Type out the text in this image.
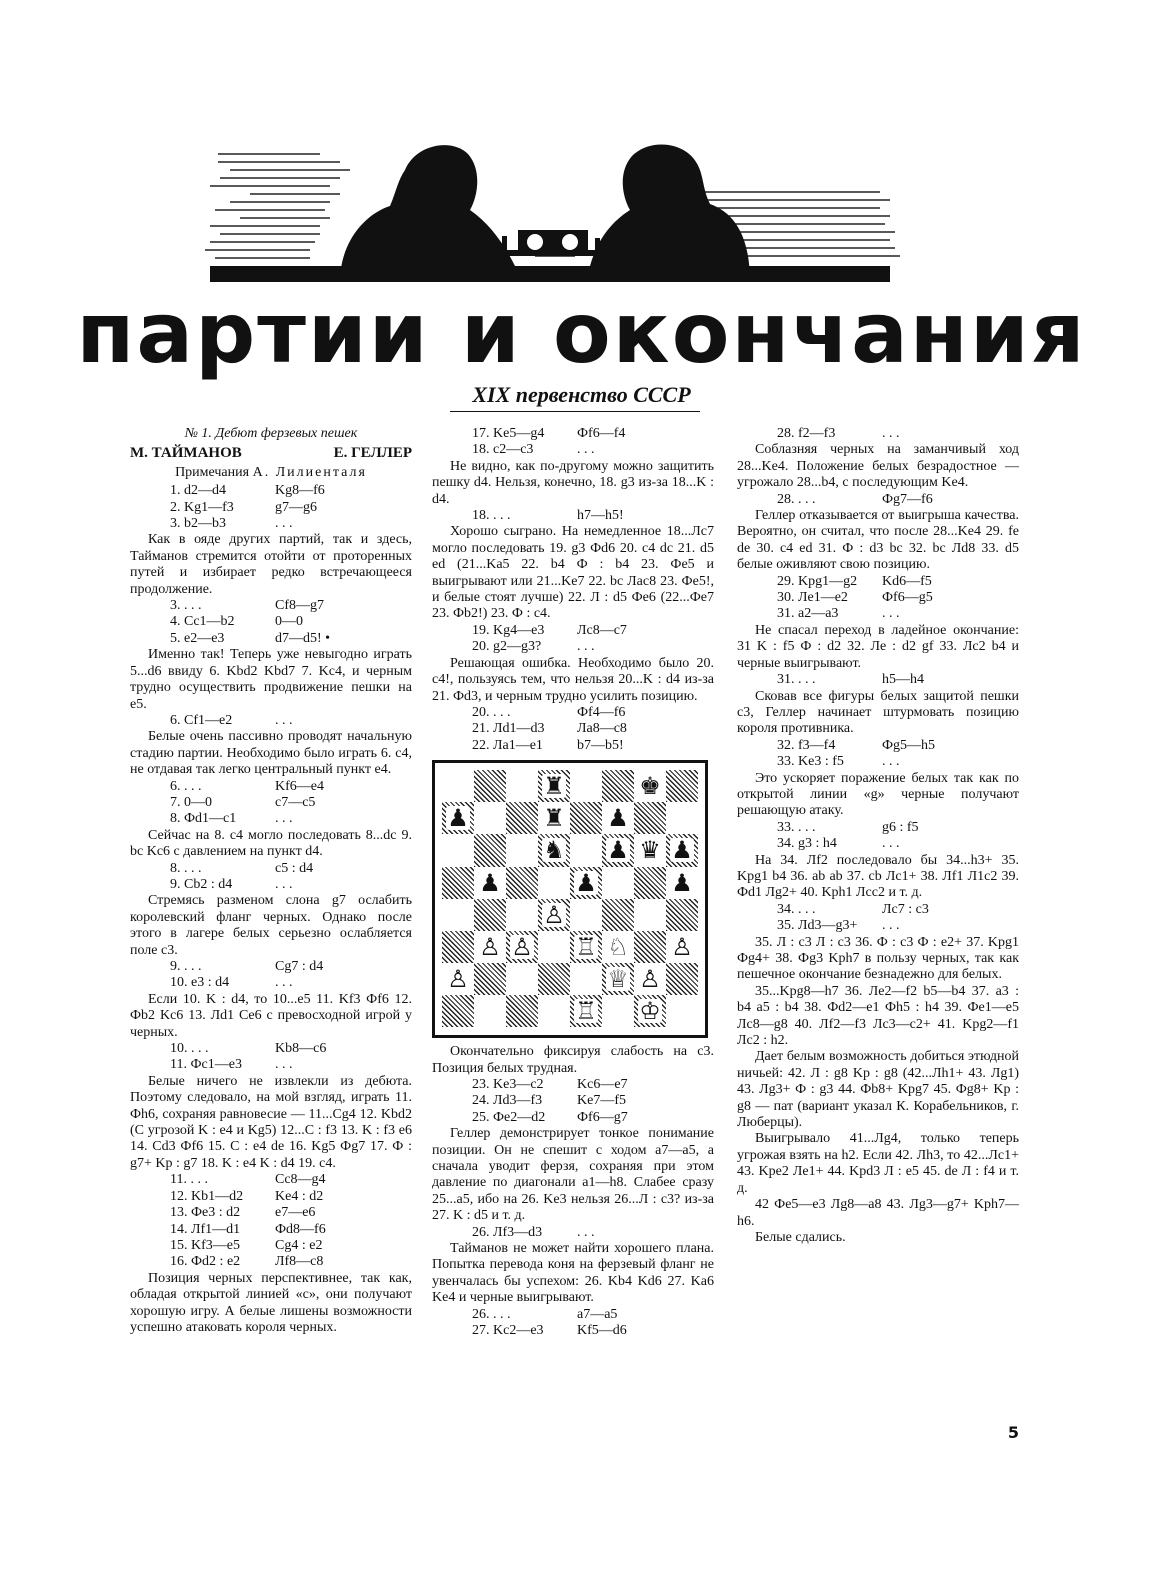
партии и окончания
XIX первенство СССР
№ 1. Дебют ферзевых пешек
М. ТАЙМАНОВ	Е. ГЕЛЛЕР
Примечания А. Лилиенталя
1. d2—d4	Kg8—f6
2. Kg1—f3	g7—g6
3. b2—b3	. . .

Как в ояде других партий, так и здесь, Тайманов стремится отойти от проторенных путей и избирает редко встречающееся продолжение.

3. . . .	Cf8—g7
4. Cc1—b2	0—0
5. e2—e3	d7—d5! •

Именно так! Теперь уже невыгодно играть 5...d6 ввиду 6. Kbd2 Kbd7 7. Kc4, и черным трудно осуществить продвижение пешки на e5.

6. Cf1—e2	. . .

Белые очень пассивно проводят начальную стадию партии. Необходимо было играть 6. c4, не отдавая так легко центральный пункт e4.

6. . . .	Kf6—e4
7. 0—0	c7—c5
8. Фd1—c1	. . .

Сейчас на 8. c4 могло последовать 8...dc 9. bc Kc6 с давлением на пункт d4.

8. . . .	c5 : d4
9. Cb2 : d4	. . .

Стремясь разменом слона g7 ослабить королевский фланг черных. Однако после этого в лагере белых серьезно ослабляется поле c3.

9. . . .	Cg7 : d4
10. e3 : d4	. . .

Если 10. K : d4, то 10...e5 11. Kf3 Фf6 12. Фb2 Kc6 13. Лd1 Ce6 с превосходной игрой у черных.

10. . . .	Kb8—c6
11. Фc1—e3	. . .

Белые ничего не извлекли из дебюта. Поэтому следовало, на мой взгляд, играть 11. Фh6, сохраняя равновесие — 11...Cg4 12. Kbd2 (С угрозой K : e4 и Kg5) 12...C : f3 13. K : f3 e6 14. Cd3 Фf6 15. C : e4 de 16. Kg5 Фg7 17. Ф : g7+ Kp : g7 18. K : e4 K : d4 19. c4.

11. . . .	Cc8—g4
12. Kb1—d2	Ke4 : d2
13. Фe3 : d2	e7—e6
14. Лf1—d1	Фd8—f6
15. Kf3—e5	Cg4 : e2
16. Фd2 : e2	Лf8—c8

Позиция черных перспективнее, так как, обладая открытой линией «c», они получают хорошую игру. А белые лишены возможности успешно атаковать короля черных.

17. Ke5—g4	Фf6—f4
18. c2—c3	. . .

Не видно, как по-другому можно защитить пешку d4. Нельзя, конечно, 18. g3 из-за 18...K : d4.

18. . . .	h7—h5!

Хорошо сыграно. На немедленное 18...Лc7 могло последовать 19. g3 Фd6 20. c4 dc 21. d5 ed (21...Ka5 22. b4 Ф : b4 23. Фe5 и выигрывают или 21...Ke7 22. bc Лac8 23. Фe5!, и белые стоят лучше) 22. Л : d5 Фe6 (22...Фe7 23. Фb2!) 23. Ф : c4.

19. Kg4—e3	Лc8—c7
20. g2—g3?	. . .

Решающая ошибка. Необходимо было 20. c4!, пользуясь тем, что нельзя 20...K : d4 из-за 21. Фd3, и черным трудно усилить позицию.

20. . . .	Фf4—f6
21. Лd1—d3	Лa8—c8
22. Лa1—e1	b7—b5!
♜	♚
♟	♜ ♟
♞ ♟ ♛ ♟
♟	♟	♟
♙
♙ ♙ ♖ ♘ ♙
♙	♕ ♙
♖ ♔

Окончательно фиксируя слабость на c3. Позиция белых трудная.

23. Ke3—c2	Kc6—e7
24. Лd3—f3	Ke7—f5
25. Фe2—d2	Фf6—g7

Геллер демонстрирует тонкое понимание позиции. Он не спешит с ходом a7—a5, а сначала уводит ферзя, сохраняя при этом давление по диагонали a1—h8. Слабее сразу 25...a5, ибо на 26. Ke3 нельзя 26...Л : c3? из-за 27. K : d5 и т. д.

26. Лf3—d3	. . .

Тайманов не может найти хорошего плана. Попытка перевода коня на ферзевый фланг не увенчалась бы успехом: 26. Kb4 Kd6 27. Ka6 Ke4 и черные выигрывают.

26. . . .	a7—a5
27. Kc2—e3	Kf5—d6
28. f2—f3	. . .

Соблазняя черных на заманчивый ход 28...Ke4. Положение белых безрадостное — угрожало 28...b4, с последующим Ke4.

28. . . .	Фg7—f6

Геллер отказывается от выигрыша качества. Вероятно, он считал, что после 28...Ke4 29. fe de 30. c4 ed 31. Ф : d3 bc 32. bc Лd8 33. d5 белые оживляют свою позицию.

29. Kpg1—g2	Kd6—f5
30. Лe1—e2	Фf6—g5
31. a2—a3	. . .

Не спасал переход в ладейное окончание: 31 K : f5 Ф : d2 32. Лe : d2 gf 33. Лc2 b4 и черные выигрывают.

31. . . .	h5—h4

Сковав все фигуры белых защитой пешки c3, Геллер начинает штурмовать позицию короля противника.

32. f3—f4	Фg5—h5
33. Ke3 : f5	. . .

Это ускоряет поражение белых так как по открытой линии «g» черные получают решающую атаку.

33. . . .	g6 : f5
34. g3 : h4	. . .

На 34. Лf2 последовало бы 34...h3+ 35. Kpg1 b4 36. ab ab 37. cb Лc1+ 38. Лf1 Л1c2 39. Фd1 Лg2+ 40. Kph1 Лcc2 и т. д.

34. . . .	Лc7 : c3
35. Лd3—g3+	. . .

35. Л : c3 Л : c3 36. Ф : c3 Ф : e2+ 37. Kpg1 Фg4+ 38. Фg3 Kph7 в пользу черных, так как пешечное окончание безнадежно для белых.

35...Kpg8—h7 36. Лe2—f2 b5—b4 37. a3 : b4 a5 : b4 38. Фd2—e1 Фh5 : h4 39. Фe1—e5 Лc8—g8 40. Лf2—f3 Лc3—c2+ 41. Kpg2—f1 Лc2 : h2.

Дает белым возможность добиться этюдной ничьей: 42. Л : g8 Kp : g8 (42...Лh1+ 43. Лg1) 43. Лg3+ Ф : g3 44. Фb8+ Kpg7 45. Фg8+ Kp : g8 — пат (вариант указал К. Корабельников, г. Люберцы).

Выигрывало 41...Лg4, только теперь угрожая взять на h2. Если 42. Лh3, то 42...Лc1+ 43. Kpe2 Лe1+ 44. Kpd3 Л : e5 45. de Л : f4 и т. д.

42 Фe5—e3 Лg8—a8 43. Лg3—g7+ Kph7—h6.

Белые сдались.

5
